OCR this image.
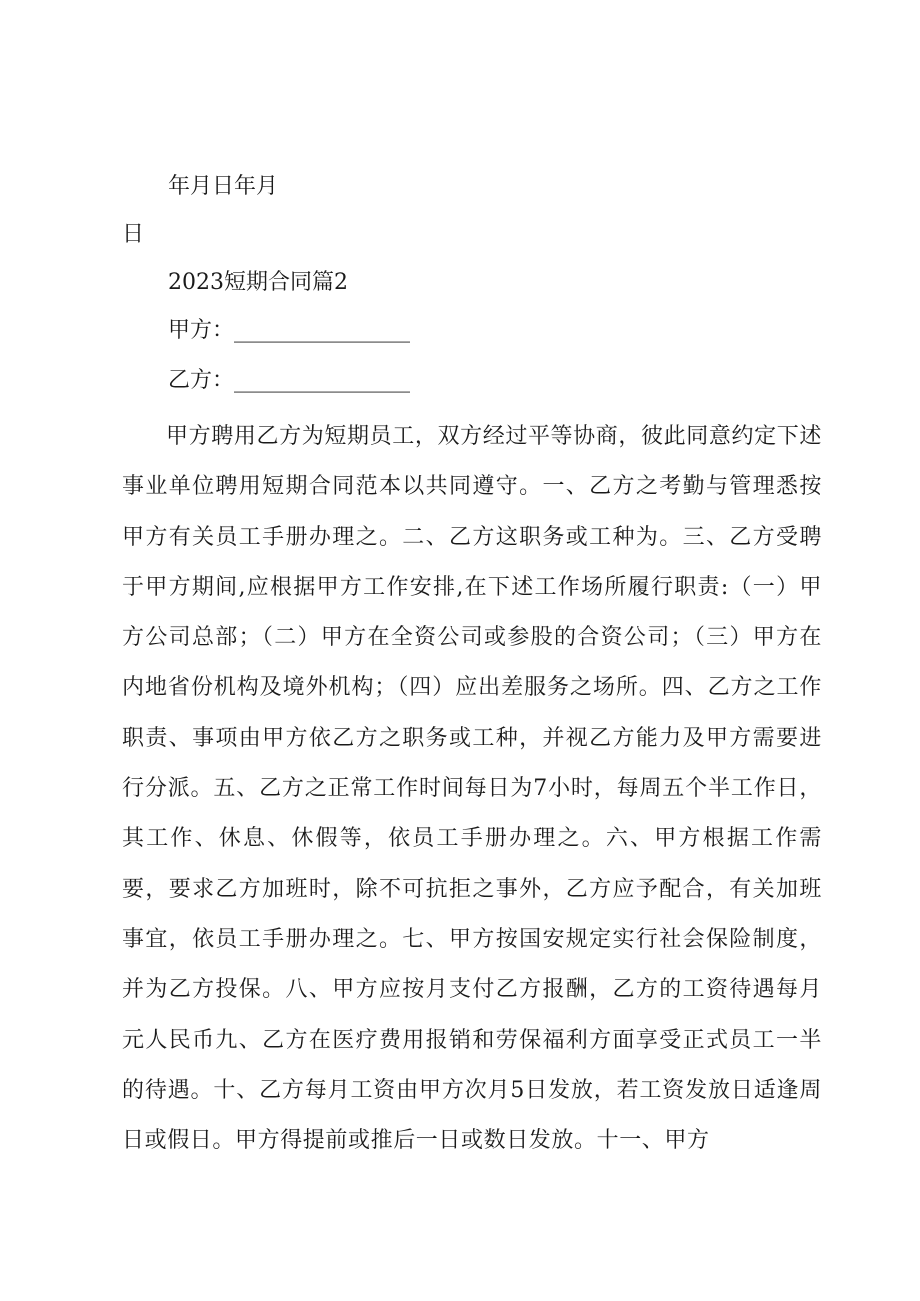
年月日年月
日
2023短期合同篇2
甲方：________________
乙方：________________
甲方聘用乙方为短期员工，双方经过平等协商，彼此同意约定下述事业单位聘用短期合同范本以共同遵守。一、乙方之考勤与管理悉按甲方有关员工手册办理之。二、乙方这职务或工种为。三、乙方受聘于甲方期间,应根据甲方工作安排,在下述工作场所履行职责:（一）甲方公司总部；（二）甲方在全资公司或参股的合资公司；（三）甲方在内地省份机构及境外机构；（四）应出差服务之场所。四、乙方之工作职责、事项由甲方依乙方之职务或工种，并视乙方能力及甲方需要进行分派。五、乙方之正常工作时间每日为7小时，每周五个半工作日，其工作、休息、休假等，依员工手册办理之。六、甲方根据工作需要，要求乙方加班时，除不可抗拒之事外，乙方应予配合，有关加班事宜，依员工手册办理之。七、甲方按国安规定实行社会保险制度，并为乙方投保。八、甲方应按月支付乙方报酬，乙方的工资待遇每月元人民币九、乙方在医疗费用报销和劳保福利方面享受正式员工一半的待遇。十、乙方每月工资由甲方次月5日发放，若工资发放日适逢周日或假日。甲方得提前或推后一日或数日发放。十一、甲方
